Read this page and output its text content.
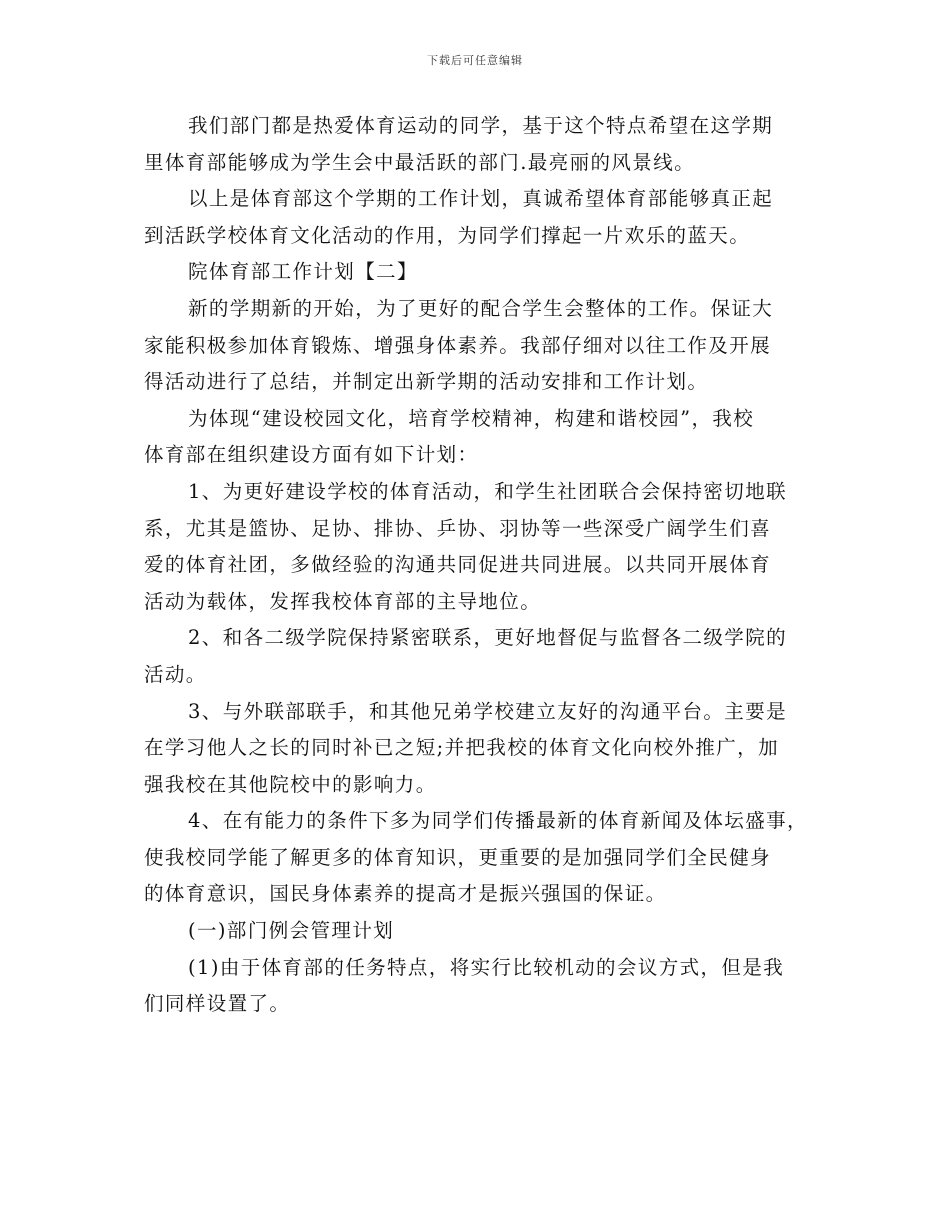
下载后可任意编辑

我们部门都是热爱体育运动的同学，基于这个特点希望在这学期
里体育部能够成为学生会中最活跃的部门.最亮丽的风景线。

以上是体育部这个学期的工作计划，真诚希望体育部能够真正起
到活跃学校体育文化活动的作用，为同学们撑起一片欢乐的蓝天。

院体育部工作计划【二】

新的学期新的开始，为了更好的配合学生会整体的工作。保证大
家能积极参加体育锻炼、增强身体素养。我部仔细对以往工作及开展
得活动进行了总结，并制定出新学期的活动安排和工作计划。

为体现“建设校园文化，培育学校精神，构建和谐校园”，我校
体育部在组织建设方面有如下计划：

1、为更好建设学校的体育活动，和学生社团联合会保持密切地联
系，尤其是篮协、足协、排协、乒协、羽协等一些深受广阔学生们喜
爱的体育社团，多做经验的沟通共同促进共同进展。以共同开展体育
活动为载体，发挥我校体育部的主导地位。

2、和各二级学院保持紧密联系，更好地督促与监督各二级学院的
活动。

3、与外联部联手，和其他兄弟学校建立友好的沟通平台。主要是
在学习他人之长的同时补已之短;并把我校的体育文化向校外推广，加
强我校在其他院校中的影响力。

4、在有能力的条件下多为同学们传播最新的体育新闻及体坛盛事，
使我校同学能了解更多的体育知识，更重要的是加强同学们全民健身
的体育意识，国民身体素养的提高才是振兴强国的保证。

(一)部门例会管理计划

(1)由于体育部的任务特点，将实行比较机动的会议方式，但是我
们同样设置了。
